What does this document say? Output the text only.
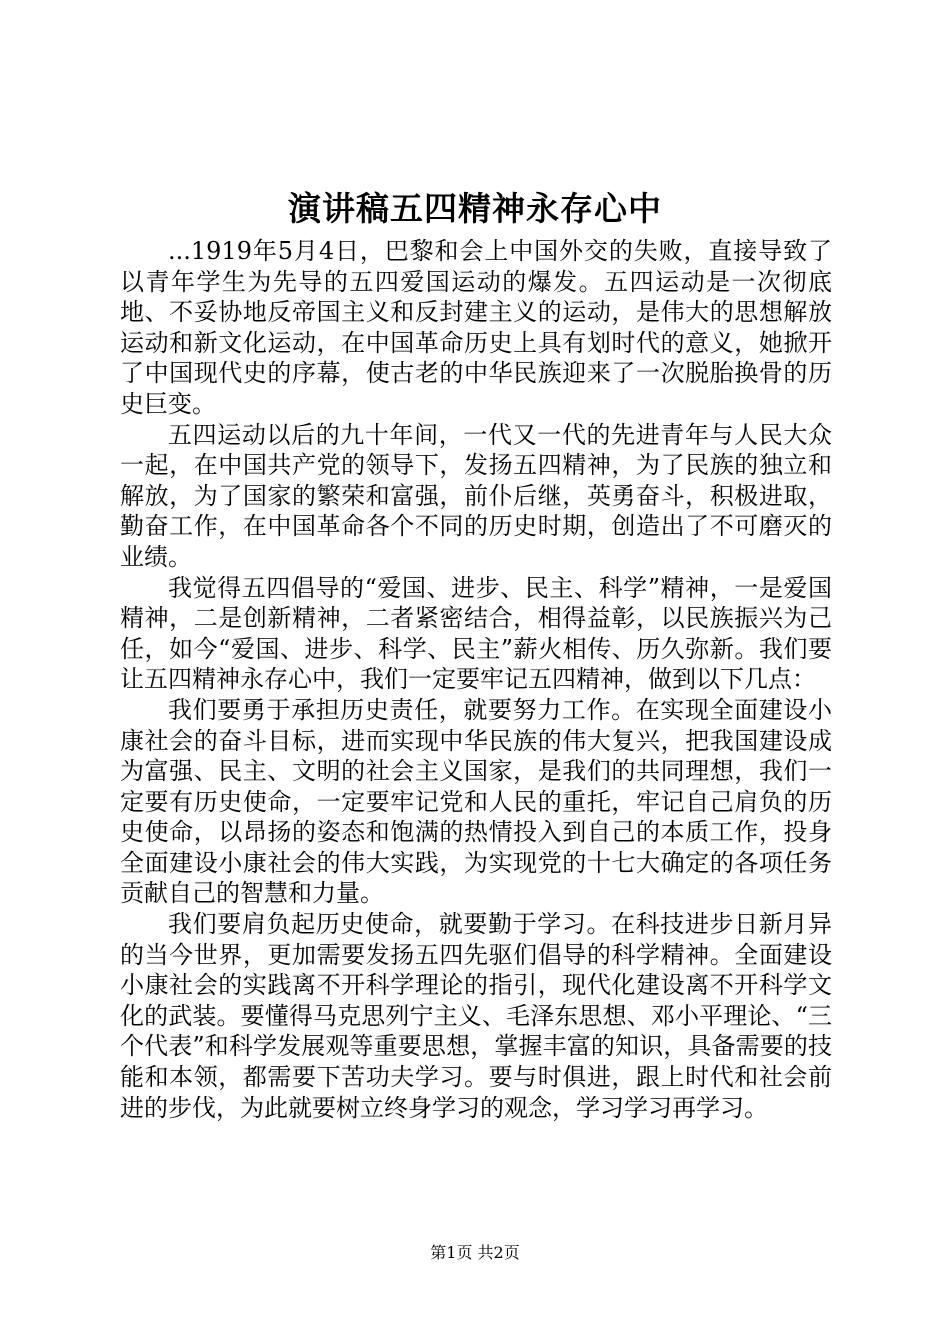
演讲稿五四精神永存心中

...1919年5月4日，巴黎和会上中国外交的失败，直接导致了以青年学生为先导的五四爱国运动的爆发。五四运动是一次彻底地、不妥协地反帝国主义和反封建主义的运动，是伟大的思想解放运动和新文化运动，在中国革命历史上具有划时代的意义，她掀开了中国现代史的序幕，使古老的中华民族迎来了一次脱胎换骨的历史巨变。

五四运动以后的九十年间，一代又一代的先进青年与人民大众一起，在中国共产党的领导下，发扬五四精神，为了民族的独立和解放，为了国家的繁荣和富强，前仆后继，英勇奋斗，积极进取，勤奋工作，在中国革命各个不同的历史时期，创造出了不可磨灭的业绩。

我觉得五四倡导的“爱国、进步、民主、科学”精神，一是爱国精神，二是创新精神，二者紧密结合，相得益彰，以民族振兴为己任，如今“爱国、进步、科学、民主”薪火相传、历久弥新。我们要让五四精神永存心中，我们一定要牢记五四精神，做到以下几点：

我们要勇于承担历史责任，就要努力工作。在实现全面建设小康社会的奋斗目标，进而实现中华民族的伟大复兴，把我国建设成为富强、民主、文明的社会主义国家，是我们的共同理想，我们一定要有历史使命，一定要牢记党和人民的重托，牢记自己肩负的历史使命，以昂扬的姿态和饱满的热情投入到自己的本质工作，投身全面建设小康社会的伟大实践，为实现党的十七大确定的各项任务贡献自己的智慧和力量。

我们要肩负起历史使命，就要勤于学习。在科技进步日新月异的当今世界，更加需要发扬五四先驱们倡导的科学精神。全面建设小康社会的实践离不开科学理论的指引，现代化建设离不开科学文化的武装。要懂得马克思列宁主义、毛泽东思想、邓小平理论、“三个代表”和科学发展观等重要思想，掌握丰富的知识，具备需要的技能和本领，都需要下苦功夫学习。要与时俱进，跟上时代和社会前进的步伐，为此就要树立终身学习的观念，学习学习再学习。

第1页 共2页
